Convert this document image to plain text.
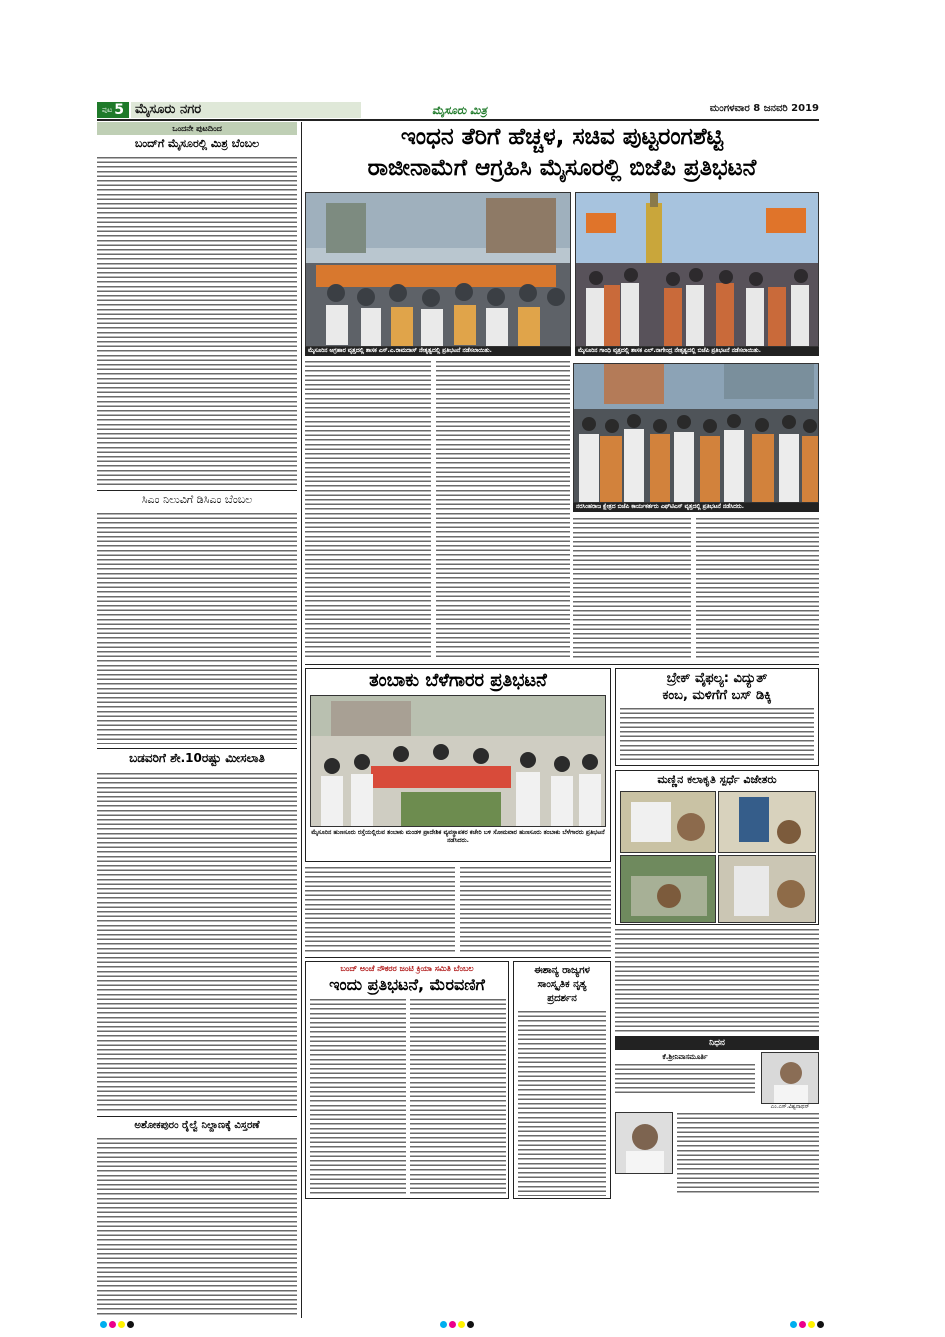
ಪುಟ 5 ಮೈಸೂರು ನಗರ	ಮೈಸೂರು ಮಿತ್ರ	ಮಂಗಳವಾರ 8 ಜನವರಿ 2019
ಒಂದನೇ ಪುಟದಿಂದ
ಬಂದ್‌ಗೆ ಮೈಸೂರಲ್ಲಿ ಮಿಶ್ರ ಬೆಂಬಲ
ಸಿಎಂ ನಿಲುವಿಗೆ ಡಿಸಿಎಂ ಬೆಂಬಲ
ಬಡವರಿಗೆ ಶೇ.10ರಷ್ಟು ಮೀಸಲಾತಿ
ಅಶೋಕಪುರಂ ರೈಲ್ವೆ ನಿಲ್ದಾಣಕ್ಕೆ ವಿಸ್ತರಣೆ
ಇಂಧನ ತೆರಿಗೆ ಹೆಚ್ಚಳ, ಸಚಿವ ಪುಟ್ಟರಂಗಶೆಟ್ಟಿ
ರಾಜೀನಾಮೆಗೆ ಆಗ್ರಹಿಸಿ ಮೈಸೂರಲ್ಲಿ ಬಿಜೆಪಿ ಪ್ರತಿಭಟನೆ
ಮೈಸೂರಿನ ಅಗ್ರಹಾರ ವೃತ್ತದಲ್ಲಿ ಶಾಸಕ ಎಸ್.ಎ.ರಾಮದಾಸ್ ನೇತೃತ್ವದಲ್ಲಿ ಪ್ರತಿಭಟನೆ ನಡೆಸಲಾಯಿತು.	ಮೈಸೂರಿನ ಗಾಂಧಿ ವೃತ್ತದಲ್ಲಿ ಶಾಸಕ ಎಲ್.ನಾಗೇಂದ್ರ ನೇತೃತ್ವದಲ್ಲಿ ಬಿಜೆಪಿ ಪ್ರತಿಭಟನೆ ನಡೆಸಲಾಯಿತು.
ನರಸಿಂಹರಾಜ ಕ್ಷೇತ್ರದ ಬಿಜೆಪಿ ಕಾರ್ಯಕರ್ತರು ಎಫ್‌ಟಿಎಸ್ ವೃತ್ತದಲ್ಲಿ ಪ್ರತಿಭಟನೆ ನಡೆಸಿದರು.
ತಂಬಾಕು ಬೆಳೆಗಾರರ ಪ್ರತಿಭಟನೆ
ಮೈಸೂರಿನ ಹುಣಸೂರು ರಸ್ತೆಯಲ್ಲಿರುವ ತಂಬಾಕು ಮಂಡಳಿ ಪ್ರಾದೇಶಿಕ ವ್ಯವಸ್ಥಾಪಕರ ಕಚೇರಿ ಬಳಿ ಸೋಮವಾರ ಹುಣಸೂರು ತಂಬಾಕು ಬೆಳೆಗಾರರು ಪ್ರತಿಭಟನೆ ನಡೆಸಿದರು.
ಬ್ರೇಕ್ ವೈಫಲ್ಯ: ವಿದ್ಯುತ್
ಕಂಬ, ಮಳಿಗೆಗೆ ಬಸ್ ಡಿಕ್ಕಿ
ಮಣ್ಣಿನ ಕಲಾಕೃತಿ ಸ್ಪರ್ಧೆ ವಿಜೇತರು
ಬಂದ್ ಅಂಚೆ ನೌಕರರ ಜಂಟಿ ಕ್ರಿಯಾ ಸಮಿತಿ ಬೆಂಬಲ
ಇಂದು ಪ್ರತಿಭಟನೆ, ಮೆರವಣಿಗೆ
ಈಶಾನ್ಯ ರಾಜ್ಯಗಳ
ಸಾಂಸ್ಕೃತಿಕ ನೃತ್ಯ
ಪ್ರದರ್ಶನ
ನಿಧನ
ಕೆ.ಶ್ರೀನಿವಾಸಮೂರ್ತಿ
ಎಂ.ಎಸ್.ವಿಶ್ವನಾಥನ್
